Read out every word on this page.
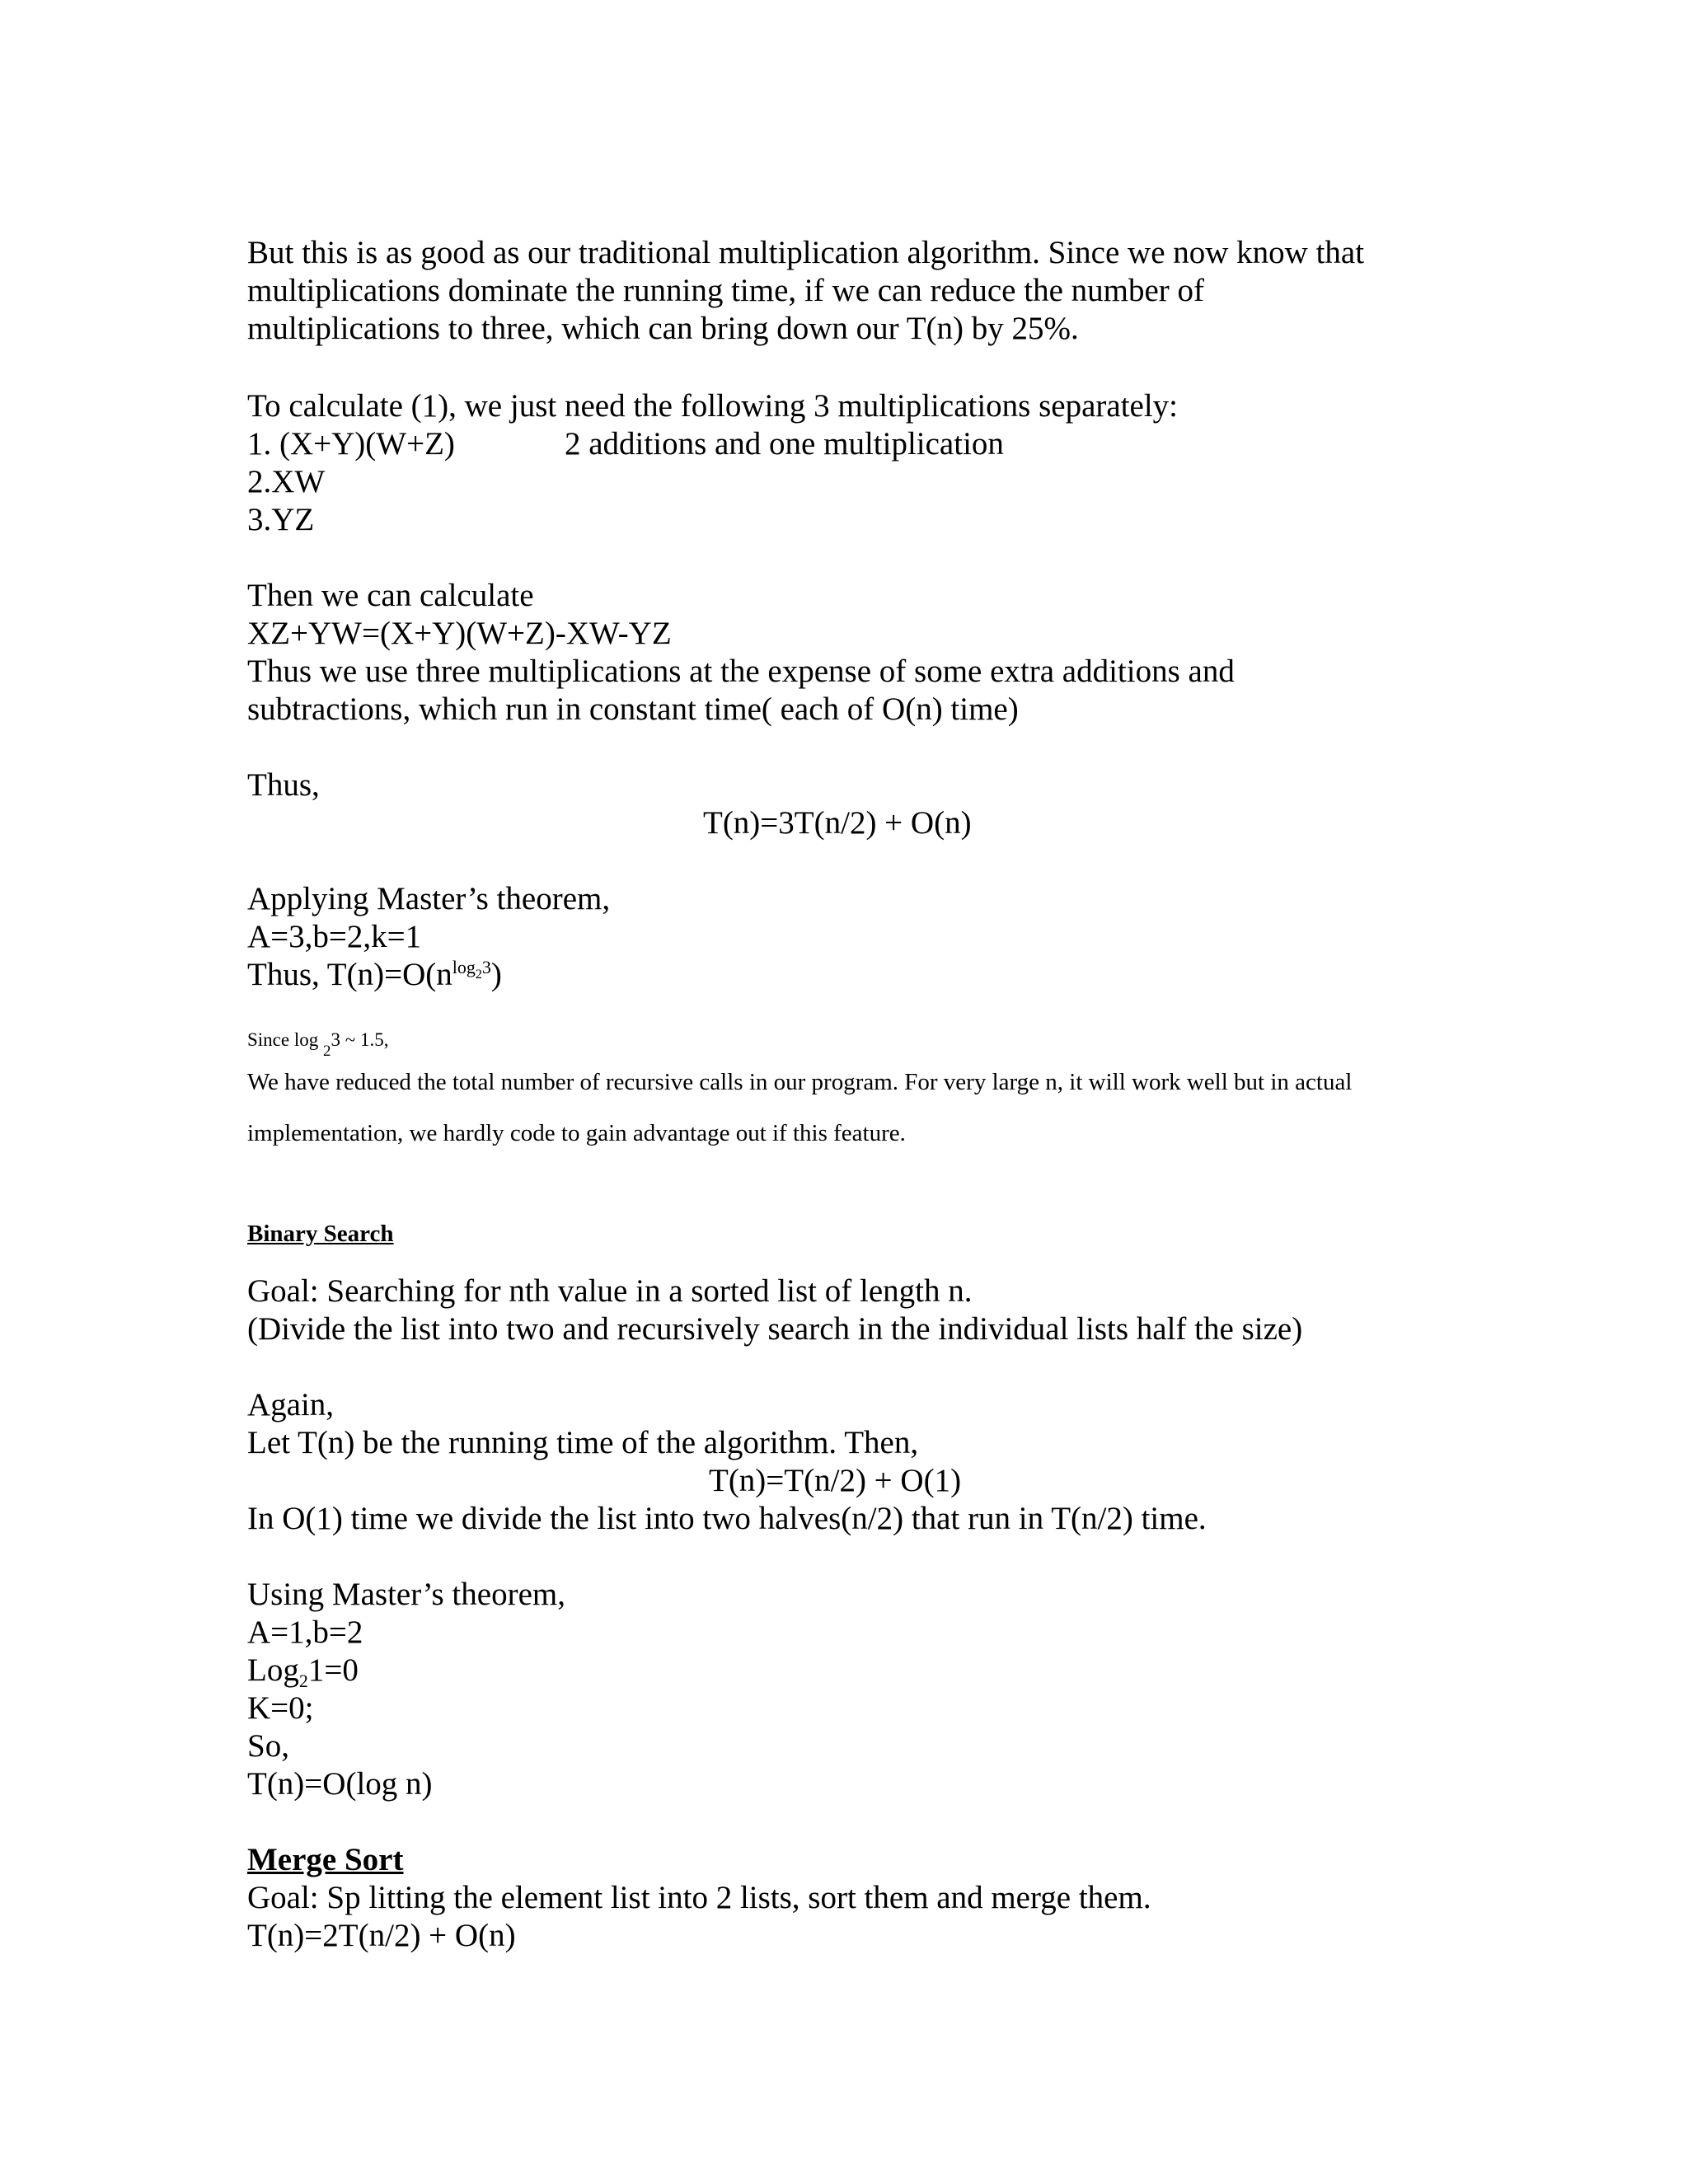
But this is as good as our traditional multiplication algorithm. Since we now know that
multiplications dominate the running time, if we can reduce the number of
multiplications to three, which can bring down our T(n) by 25%.
To calculate (1), we just need the following 3 multiplications separately:
1. (X+Y)(W+Z)	2 additions and one multiplication
2.XW
3.YZ
Then we can calculate
XZ+YW=(X+Y)(W+Z)-XW-YZ
Thus we use three multiplications at the expense of some extra additions and
subtractions, which run in constant time( each of O(n) time)
Thus,
T(n)=3T(n/2) + O(n)
Applying Master’s theorem,
A=3,b=2,k=1
Thus, $T(n)=O(n^{log_23})$
Since log $_2$3 ~ 1.5,
We have reduced the total number of recursive calls in our program. For very large n, it will work well but in actual
implementation, we hardly code to gain advantage out if this feature.
Binary Search
Goal: Searching for nth value in a sorted list of length n.
(Divide the list into two and recursively search in the individual lists half the size)
Again,
Let T(n) be the running time of the algorithm. Then,
T(n)=T(n/2) + O(1)
In O(1) time we divide the list into two halves(n/2) that run in T(n/2) time.
Using Master’s theorem,
A=1,b=2
Log$_2$1=0
K=0;
So,
T(n)=O(log n)
Merge Sort
Goal: Sp litting the element list into 2 lists, sort them and merge them.
T(n)=2T(n/2) + O(n)
